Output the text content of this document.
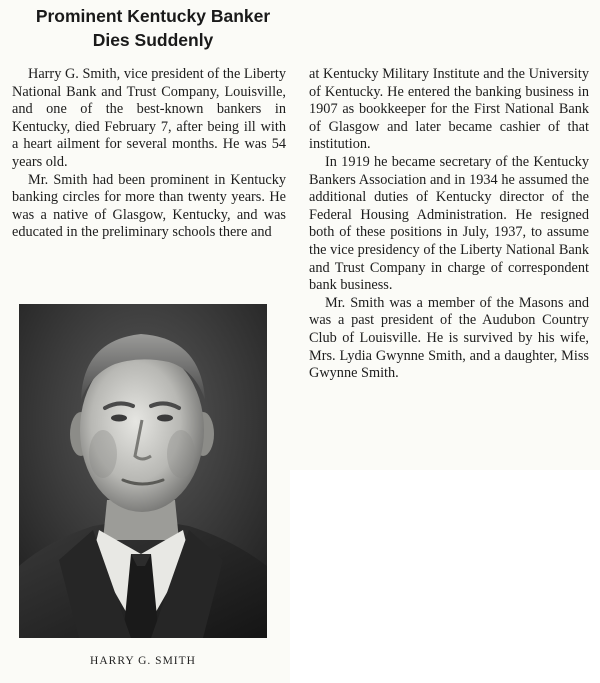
Prominent Kentucky Banker
Dies Suddenly

Harry G. Smith, vice president of the Liberty National Bank and Trust Company, Louisville, and one of the best-known bankers in Kentucky, died February 7, after being ill with a heart ailment for several months. He was 54 years old.

Mr. Smith had been prominent in Kentucky banking circles for more than twenty years. He was a native of Glasgow, Kentucky, and was educated in the preliminary schools there and

HARRY G. SMITH

at Kentucky Military Institute and the University of Kentucky. He entered the banking business in 1907 as bookkeeper for the First National Bank of Glasgow and later became cashier of that institution.

In 1919 he became secretary of the Kentucky Bankers Association and in 1934 he assumed the additional duties of Kentucky director of the Federal Housing Administration. He resigned both of these positions in July, 1937, to assume the vice presidency of the Liberty National Bank and Trust Company in charge of correspondent bank business.

Mr. Smith was a member of the Masons and was a past president of the Audubon Country Club of Louisville. He is survived by his wife, Mrs. Lydia Gwynne Smith, and a daughter, Miss Gwynne Smith.
